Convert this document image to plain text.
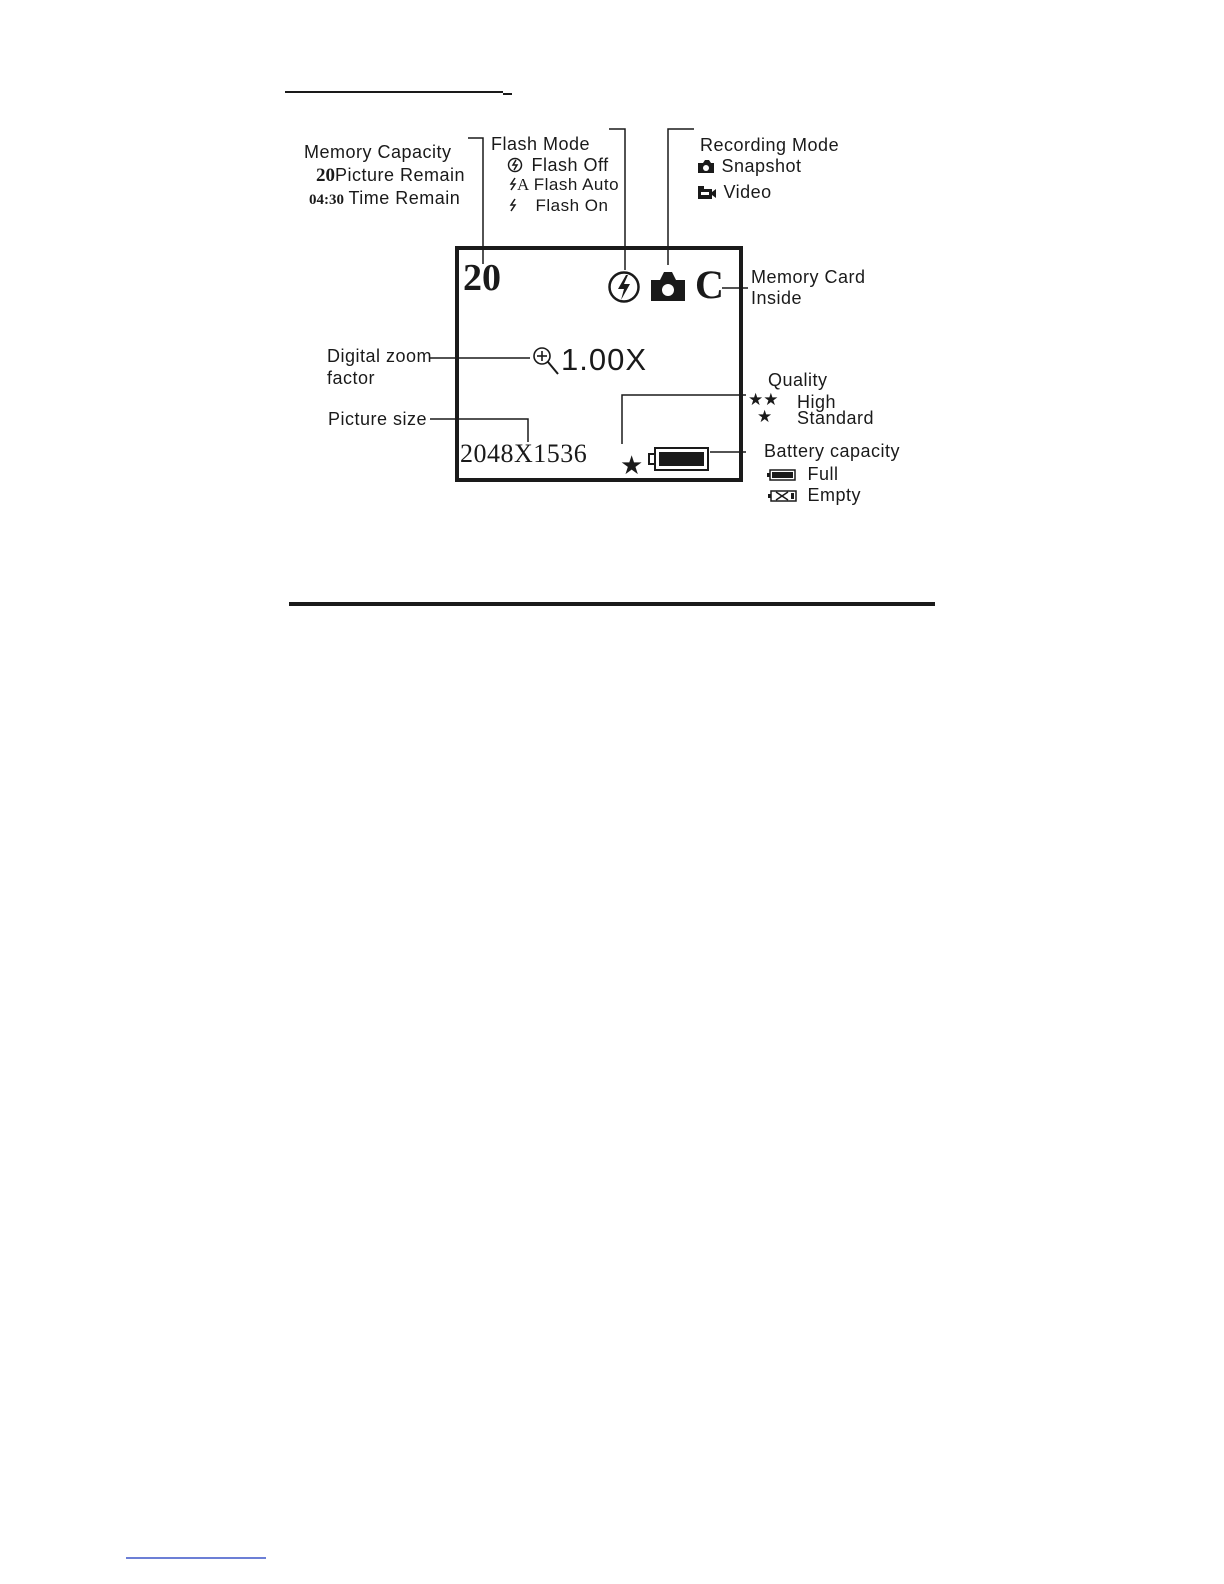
Memory Capacity
20Picture Remain
04:30 Time Remain
Flash Mode
Flash Off
A Flash Auto
Flash On
Recording Mode
Snapshot
Video
Memory Card
Inside
Digital zoom
factor
Picture size
Quality
★★ High
★ Standard
Battery capacity
Full
Empty
20	C
1.00X
2048X1536 ★
